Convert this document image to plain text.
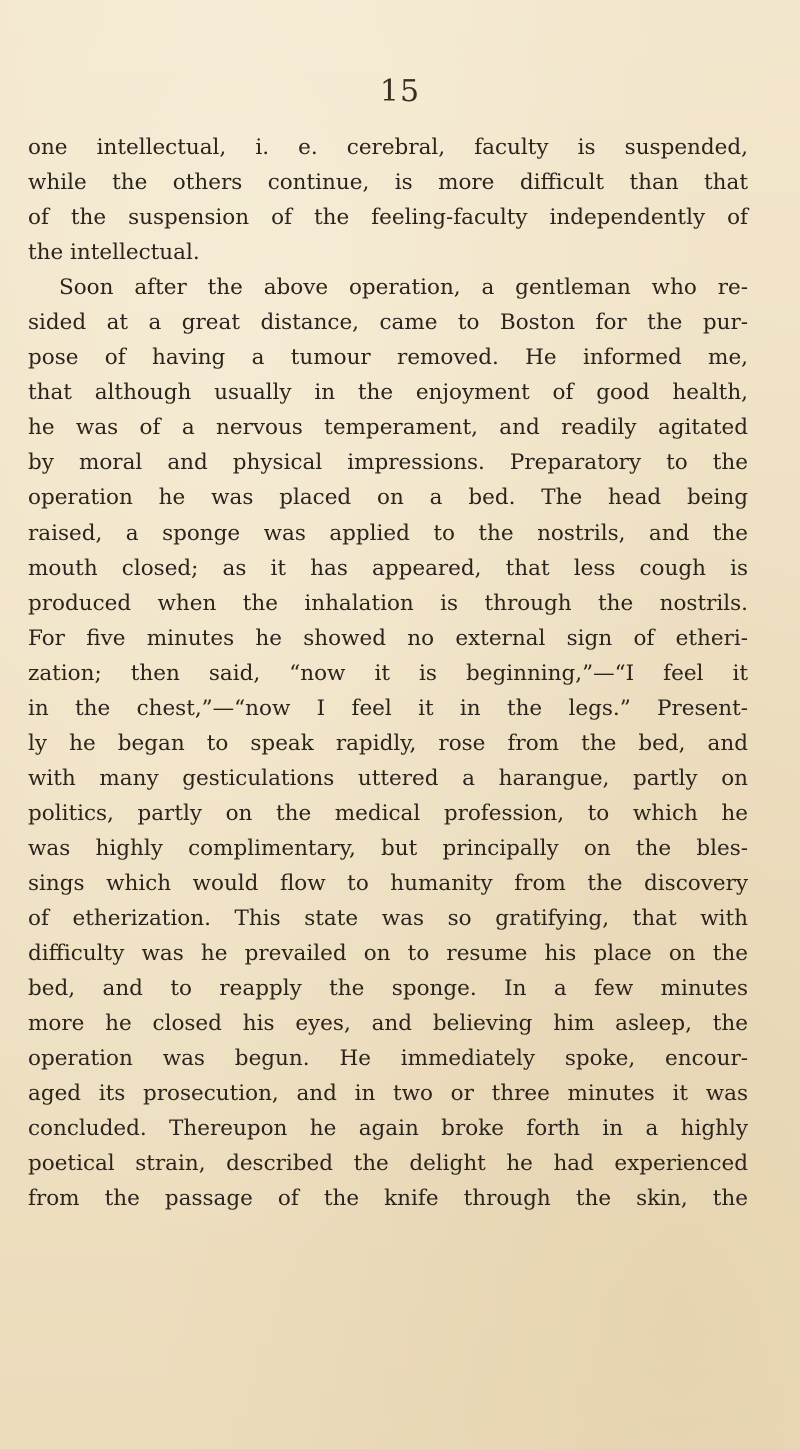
15
one intellectual, i. e. cerebral, faculty is suspended,
while the others continue, is more difficult than that
of the suspension of the feeling-faculty independently of
the intellectual.
Soon after the above operation, a gentleman who re-
sided at a great distance, came to Boston for the pur-
pose of having a tumour removed. He informed me,
that although usually in the enjoyment of good health,
he was of a nervous temperament, and readily agitated
by moral and physical impressions. Preparatory to the
operation he was placed on a bed. The head being
raised, a sponge was applied to the nostrils, and the
mouth closed; as it has appeared, that less cough is
produced when the inhalation is through the nostrils.
For five minutes he showed no external sign of etheri-
zation; then said, “now it is beginning,”—“I feel it
in the chest,”—“now I feel it in the legs.” Present-
ly he began to speak rapidly, rose from the bed, and
with many gesticulations uttered a harangue, partly on
politics, partly on the medical profession, to which he
was highly complimentary, but principally on the bles-
sings which would flow to humanity from the discovery
of etherization. This state was so gratifying, that with
difficulty was he prevailed on to resume his place on the
bed, and to reapply the sponge. In a few minutes
more he closed his eyes, and believing him asleep, the
operation was begun. He immediately spoke, encour-
aged its prosecution, and in two or three minutes it was
concluded. Thereupon he again broke forth in a highly
poetical strain, described the delight he had experienced
from the passage of the knife through the skin, the
